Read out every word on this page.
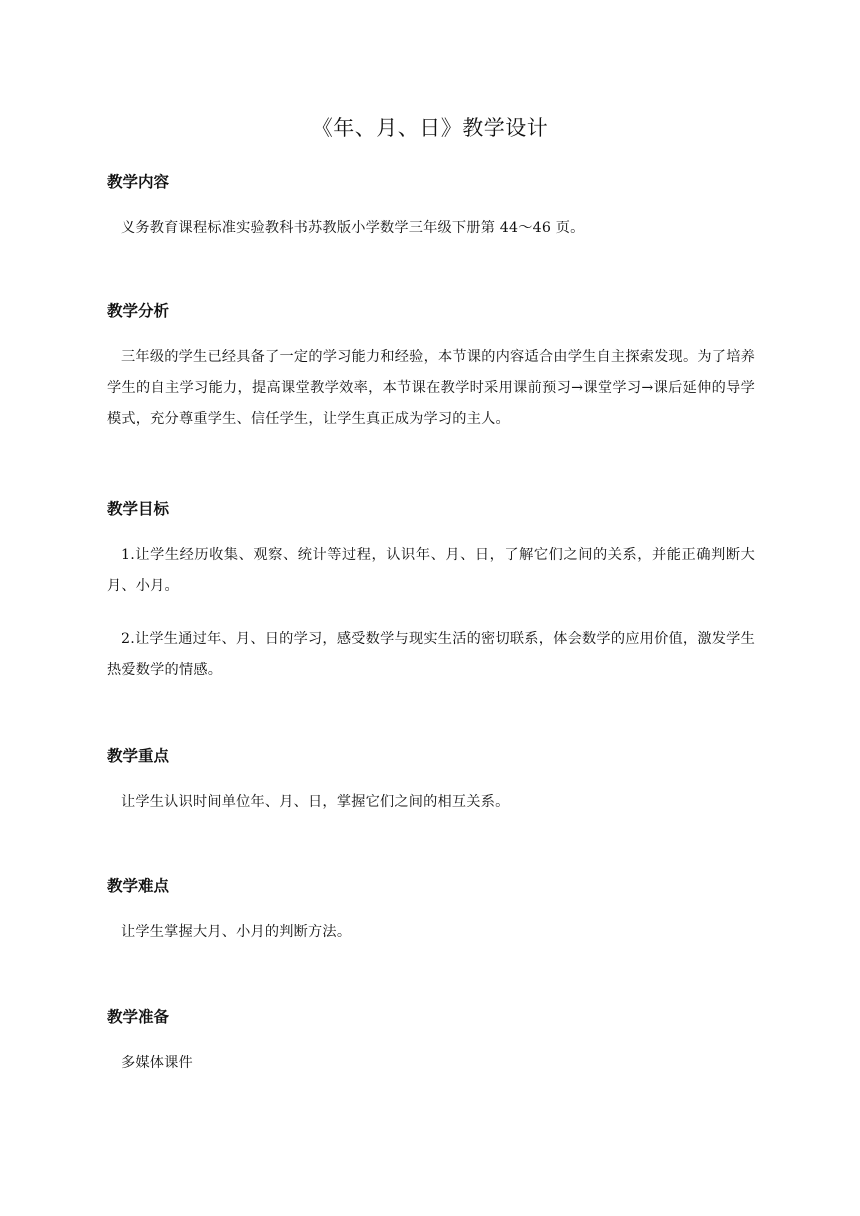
《年、月、日》教学设计
教学内容

义务教育课程标准实验教科书苏教版小学数学三年级下册第 44～46 页。

教学分析

三年级的学生已经具备了一定的学习能力和经验，本节课的内容适合由学生自主探索发现。为了培养学生的自主学习能力，提高课堂教学效率，本节课在教学时采用课前预习→课堂学习→课后延伸的导学模式，充分尊重学生、信任学生，让学生真正成为学习的主人。

教学目标

1.让学生经历收集、观察、统计等过程，认识年、月、日，了解它们之间的关系，并能正确判断大月、小月。

2.让学生通过年、月、日的学习，感受数学与现实生活的密切联系，体会数学的应用价值，激发学生热爱数学的情感。

教学重点

让学生认识时间单位年、月、日，掌握它们之间的相互关系。

教学难点

让学生掌握大月、小月的判断方法。

教学准备

多媒体课件
